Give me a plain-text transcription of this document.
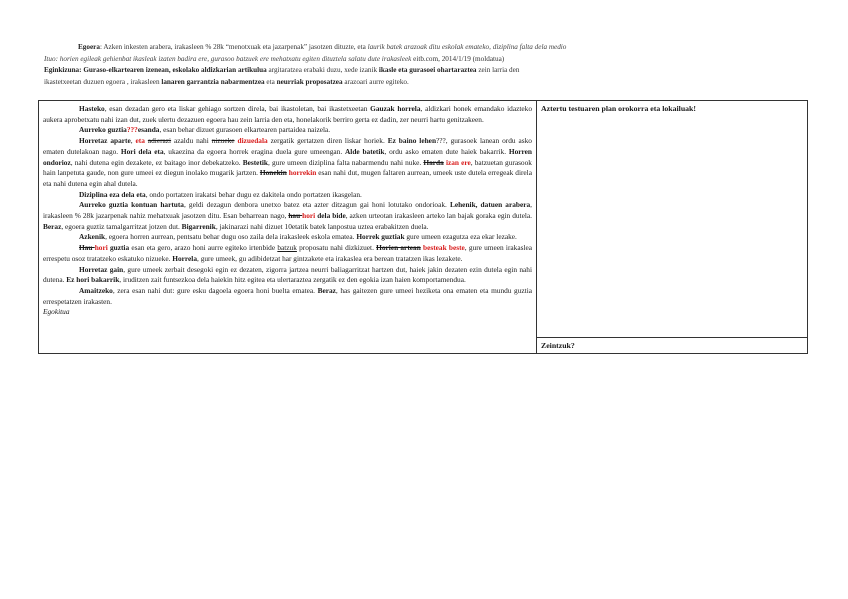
Egoera: Azken inkesten arabera, irakasleen % 28k “menotxuak eta jazarpenak” jasotzen dituzte, eta laurik batek arazoak ditu eskolak emateko, diziplina falta dela medio

Ituo: horien egileak gehienbat ikasleak izaten badira ere, gurasoo batzuek ere mehatxatu egiten dituztela salatu dute irakasleek eitb.com, 2014/1/19 (moldatua)

Eginkizuna: Guraso-elkartearen izenean, eskolako aldizkarian artikulua argitaratzea erabaki duzu, xede izanik ikasle eta gurasoei ohartaraztea zein larria den

ikastetxeetan duzuen egoera , irakasleen lanaren garrantzia nabarmentzea eta neurriak proposatzea arazoari aurre egiteko.

Hasteko, esan dezadan gero eta liskar gehiago sortzen direla, bai ikastoletan, bai ikastetxeetan Gauzak horrela, aldizkari honek emandako idazteko aukera aprobetxatu nahi izan dut, zuek ulertu dezazuen egoera hau zein larria den eta, honelakorik berriro gerta ez dadin, zer neurri hartu genitzakeen.

Aurreko guztia???esanda, esan behar dizuet gurasoen elkartearen partaidea naizela.

Horretaz aparte, eta adierazi azaldu nahi nizueke dizuedala zergatik gertatzen diren liskar horiek. Ez baino lehen???, gurasoek lanean ordu asko ematen dutelakoan nago. Hori dela eta, ukaezina da egoera horrek eragina duela gure umeengan. Alde batetik, ordu asko ematen dute haiek bakarrik. Horren ondorioz, nahi dutena egin dezakete, ez baitago inor debekatzeko. Bestetik, gure umeen diziplina falta nabarmendu nahi nuke. Harda izan ere, batzuetan gurasook hain lanpetuta gaude, non gure umeei ez diegun inolako mugarik jartzen. Honekin horrekin esan nahi dut, mugen faltaren aurrean, umeek uste dutela erregeak direla eta nahi dutena egin ahal dutela.

Diziplina eza dela eta, ondo portatzen irakatsi behar dugu ez dakitela ondo portatzen ikasgelan.

Aurreko guztia kontuan hartuta, geldi dezagun denbora unetxo batez eta azter ditzagun gai honi lotutako ondorioak. Lehenik, datuen arabera, irakasleen % 28k jazarpenak nahiz mehatxuak jasotzen ditu. Esan beharrean nago, hau hori dela bide, azken urteotan irakasleen arteko lan bajak goraka egin dutela. Beraz, egoera guztiz tamalgarritzat jotzen dut. Bigarrenik, jakinarazi nahi dizuet 10etatik batek lanpostua uztea erabakitzen duela.

Azkenik, egoera horren aurrean, pentsatu behar dugu oso zaila dela irakasleek eskola ematea. Horrek guztiak gure umeen ezagutza eza ekar lezake.

Hau hori guztia esan eta gero, arazo honi aurre egiteko irtenbide batzuk proposatu nahi dizkizuet. Horien artean besteak beste, gure umeen irakaslea errespetu osoz tratatzeko eskatuko nizueke. Horrela, gure umeek, gu adibidetzat har gintzakete eta irakaslea era berean tratatzen ikas lezakete.

Horretaz gain, gure umeek zerbait desegoki egin ez dezaten, zigorra jartzea neurri baliagarritzat hartzen dut, haiek jakin dezaten ezin dutela egin nahi dutena. Ez hori bakarrik, iruditzen zait funtsezkoa dela haiekin hitz egitea eta ulertaraztea zergatik ez den egokia izan haien komportamendua.

Amaitzeko, zera esan nahi dut: gure esku dagoela egoera honi buelta ematea. Beraz, has gaitezen gure umeei heziketa ona ematen eta mundu guztia errespetatzen irakasten.

Egokitua

	Aztertu testuaren plan orokorra eta lokailuak!
Zeintzuk?
